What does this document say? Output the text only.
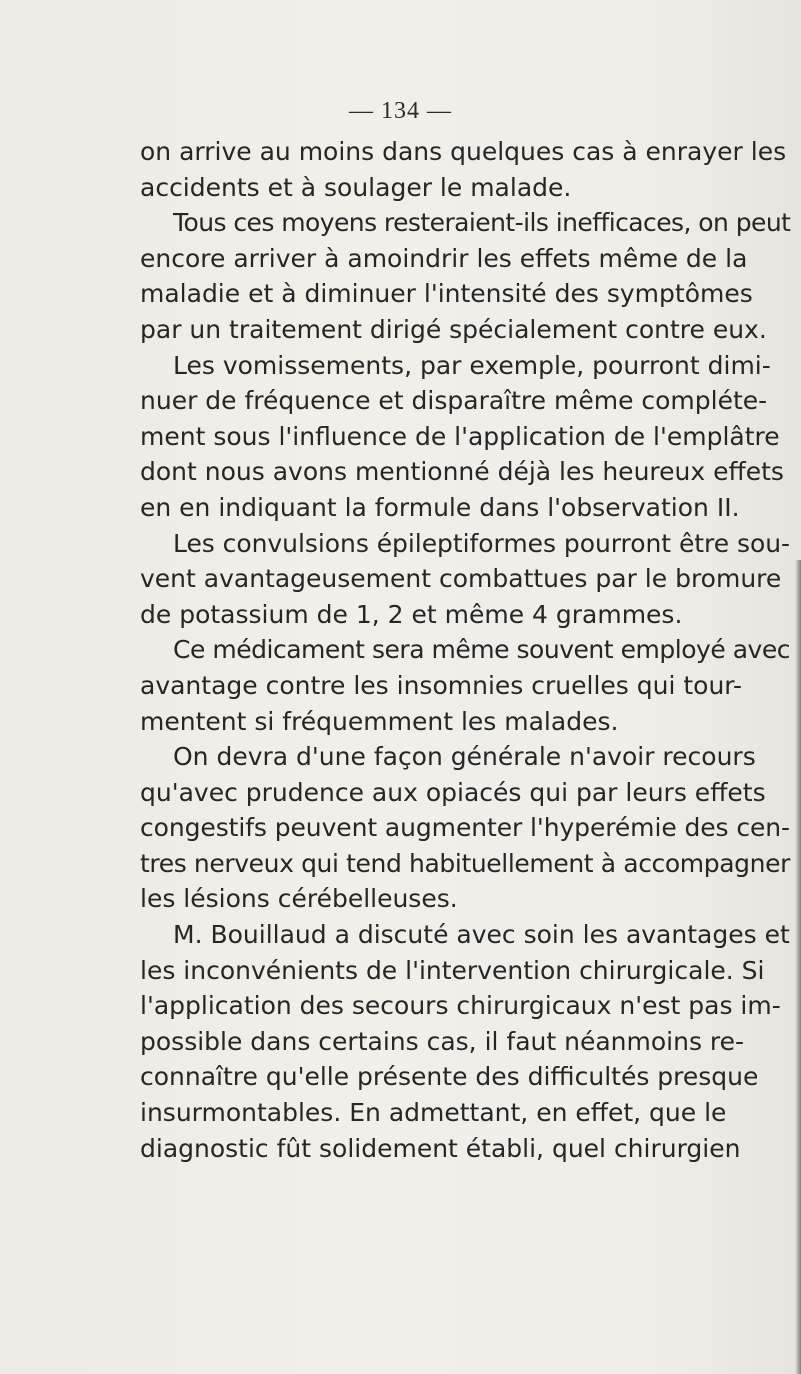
— 134 —
on arrive au moins dans quelques cas à enrayer les
accidents et à soulager le malade.
Tous ces moyens resteraient-ils inefficaces, on peut
encore arriver à amoindrir les effets même de la
maladie et à diminuer l'intensité des symptômes
par un traitement dirigé spécialement contre eux.
Les vomissements, par exemple, pourront dimi-
nuer de fréquence et disparaître même compléte-
ment sous l'influence de l'application de l'emplâtre
dont nous avons mentionné déjà les heureux effets
en en indiquant la formule dans l'observation II.
Les convulsions épileptiformes pourront être sou-
vent avantageusement combattues par le bromure
de potassium de 1, 2 et même 4 grammes.
Ce médicament sera même souvent employé avec
avantage contre les insomnies cruelles qui tour-
mentent si fréquemment les malades.
On devra d'une façon générale n'avoir recours
qu'avec prudence aux opiacés qui par leurs effets
congestifs peuvent augmenter l'hyperémie des cen-
tres nerveux qui tend habituellement à accompagner
les lésions cérébelleuses.
M. Bouillaud a discuté avec soin les avantages et
les inconvénients de l'intervention chirurgicale. Si
l'application des secours chirurgicaux n'est pas im-
possible dans certains cas, il faut néanmoins re-
connaître qu'elle présente des difficultés presque
insurmontables. En admettant, en effet, que le
diagnostic fût solidement établi, quel chirurgien
